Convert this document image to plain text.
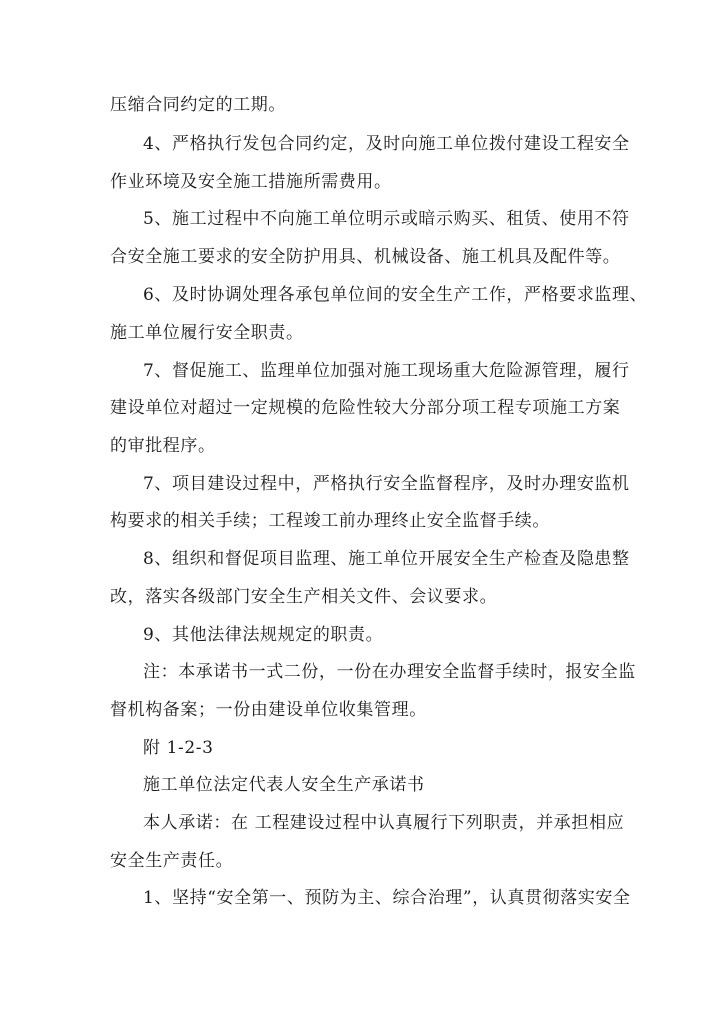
压缩合同约定的工期。
4、严格执行发包合同约定，及时向施工单位拨付建设工程安全
作业环境及安全施工措施所需费用。
5、施工过程中不向施工单位明示或暗示购买、租赁、使用不符
合安全施工要求的安全防护用具、机械设备、施工机具及配件等。
6、及时协调处理各承包单位间的安全生产工作，严格要求监理、
施工单位履行安全职责。
7、督促施工、监理单位加强对施工现场重大危险源管理，履行
建设单位对超过一定规模的危险性较大分部分项工程专项施工方案
的审批程序。
7、项目建设过程中，严格执行安全监督程序，及时办理安监机
构要求的相关手续；工程竣工前办理终止安全监督手续。
8、组织和督促项目监理、施工单位开展安全生产检查及隐患整
改，落实各级部门安全生产相关文件、会议要求。
9、其他法律法规规定的职责。
注：本承诺书一式二份，一份在办理安全监督手续时，报安全监
督机构备案；一份由建设单位收集管理。
附 1-2-3
施工单位法定代表人安全生产承诺书
本人承诺：在 工程建设过程中认真履行下列职责，并承担相应
安全生产责任。
1、坚持“安全第一、预防为主、综合治理”，认真贯彻落实安全
